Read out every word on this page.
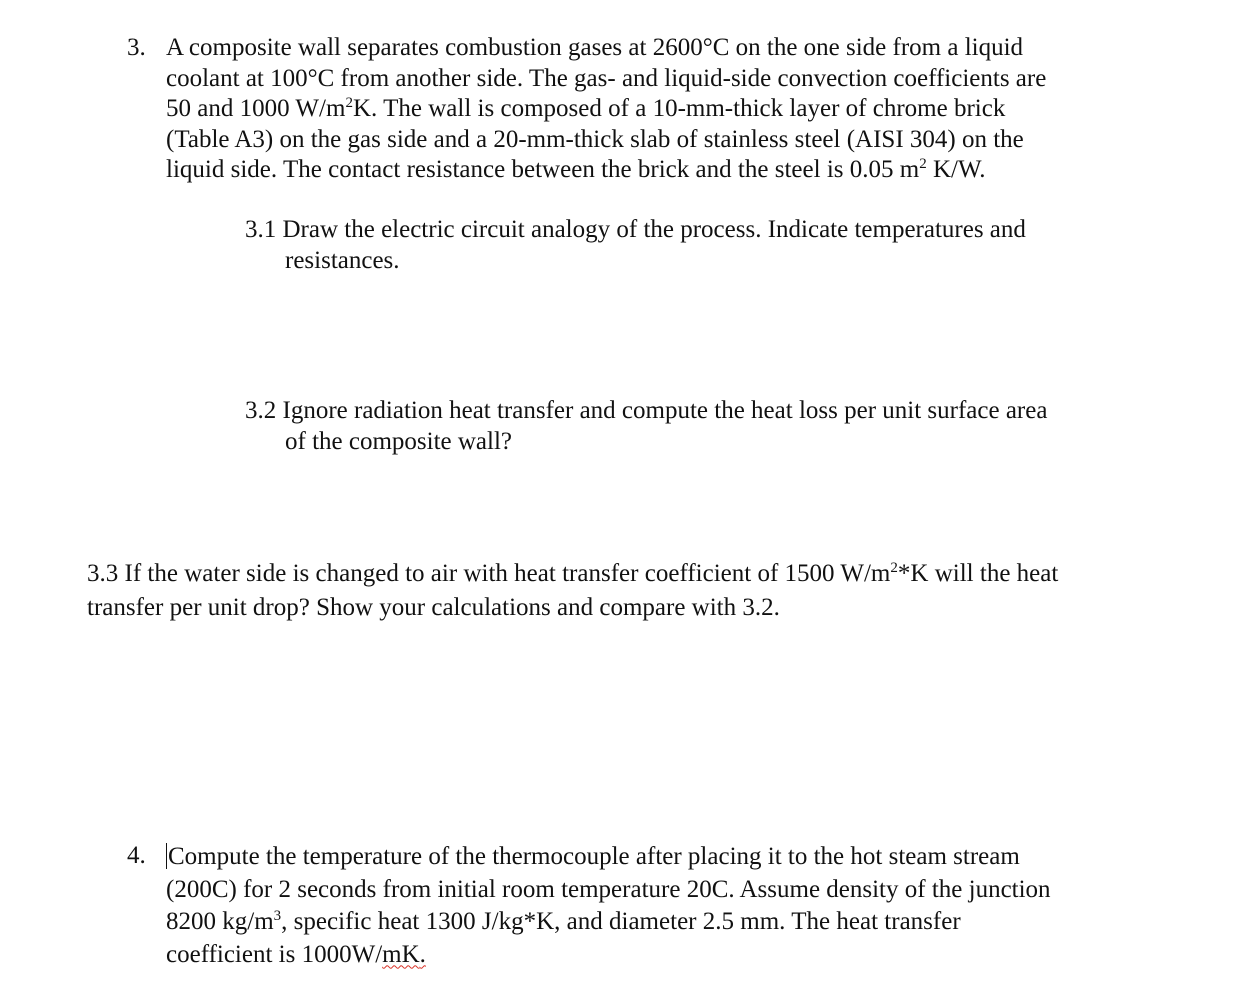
3. A composite wall separates combustion gases at 2600°C on the one side from a liquid
coolant at 100°C from another side. The gas- and liquid-side convection coefficients are
50 and 1000 $W/m^2K$. The wall is composed of a 10-mm-thick layer of chrome brick
(Table A3) on the gas side and a 20-mm-thick slab of stainless steel (AISI 304) on the
liquid side. The contact resistance between the brick and the steel is 0.05 $m^2$ K/W.
3.1 Draw the electric circuit analogy of the process. Indicate temperatures and
resistances.
3.2 Ignore radiation heat transfer and compute the heat loss per unit surface area
of the composite wall?
3.3 If the water side is changed to air with heat transfer coefficient of 1500 $W/m^2*K$ will the heat
transfer per unit drop? Show your calculations and compare with 3.2.
4. Compute the temperature of the thermocouple after placing it to the hot steam stream
(200C) for 2 seconds from initial room temperature 20C. Assume density of the junction
8200 $kg/m^3$, specific heat 1300 J/kg*K, and diameter 2.5 mm. The heat transfer
coefficient is 1000W/mK.
